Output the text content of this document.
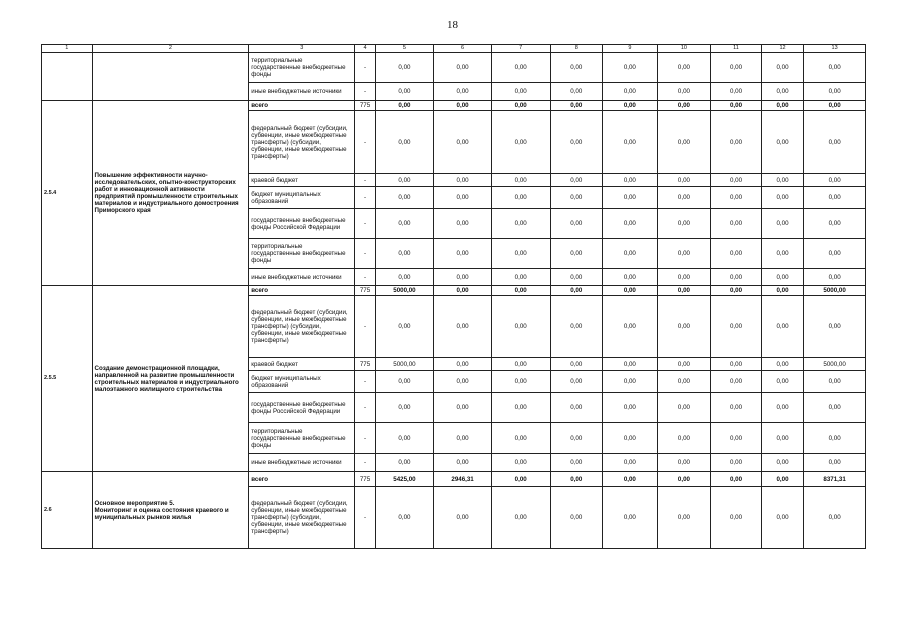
18
1	2	3	4	5	6	7	8	9	10	11	12	13
		территориальные государственные внебюджетные фонды	-	0,00	0,00	0,00	0,00	0,00	0,00	0,00	0,00	0,00
		иные внебюджетные источники	-	0,00	0,00	0,00	0,00	0,00	0,00	0,00	0,00	0,00
2.5.4	Повышение эффективности научно-исследовательских, опытно-конструкторских работ и инновационной активности предприятий промышленности строительных материалов и индустриального домостроения Приморского края	всего	775	0,00	0,00	0,00	0,00	0,00	0,00	0,00	0,00	0,00
		федеральный бюджет (субсидии, субвенции, иные межбюджетные трансферты) (субсидии, субвенции, иные межбюджетные трансферты)	-	0,00	0,00	0,00	0,00	0,00	0,00	0,00	0,00	0,00
		краевой бюджет	-	0,00	0,00	0,00	0,00	0,00	0,00	0,00	0,00	0,00
		бюджет муниципальных образований	-	0,00	0,00	0,00	0,00	0,00	0,00	0,00	0,00	0,00
		государственные внебюджетные фонды Российской Федерации	-	0,00	0,00	0,00	0,00	0,00	0,00	0,00	0,00	0,00
		территориальные государственные внебюджетные фонды	-	0,00	0,00	0,00	0,00	0,00	0,00	0,00	0,00	0,00
		иные внебюджетные источники	-	0,00	0,00	0,00	0,00	0,00	0,00	0,00	0,00	0,00
2.5.5	Создание демонстрационной площадки, направленной на развитие промышленности строительных материалов и индустриального малоэтажного жилищного строительства	всего	775	5000,00	0,00	0,00	0,00	0,00	0,00	0,00	0,00	5000,00
		федеральный бюджет (субсидии, субвенции, иные межбюджетные трансферты) (субсидии, субвенции, иные межбюджетные трансферты)	-	0,00	0,00	0,00	0,00	0,00	0,00	0,00	0,00	0,00
		краевой бюджет	775	5000,00	0,00	0,00	0,00	0,00	0,00	0,00	0,00	5000,00
		бюджет муниципальных образований	-	0,00	0,00	0,00	0,00	0,00	0,00	0,00	0,00	0,00
		государственные внебюджетные фонды Российской Федерации	-	0,00	0,00	0,00	0,00	0,00	0,00	0,00	0,00	0,00
		территориальные государственные внебюджетные фонды	-	0,00	0,00	0,00	0,00	0,00	0,00	0,00	0,00	0,00
		иные внебюджетные источники	-	0,00	0,00	0,00	0,00	0,00	0,00	0,00	0,00	0,00
2.6	Основное мероприятие 5.
Мониторинг и оценка состояния краевого и муниципальных рынков жилья	всего	775	5425,00	2946,31	0,00	0,00	0,00	0,00	0,00	0,00	8371,31
		федеральный бюджет (субсидии, субвенции, иные межбюджетные трансферты) (субсидии, субвенции, иные межбюджетные трансферты)	-	0,00	0,00	0,00	0,00	0,00	0,00	0,00	0,00	0,00
